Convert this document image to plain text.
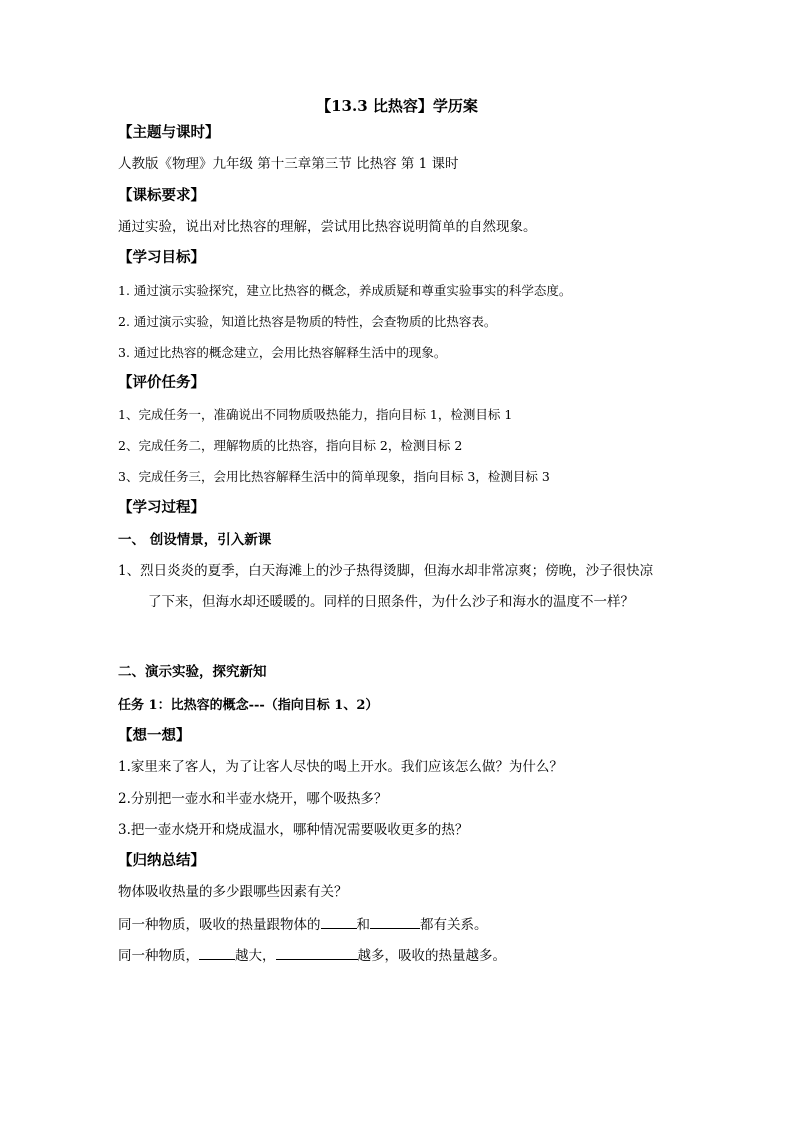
【13.3 比热容】学历案
【主题与课时】
人教版《物理》九年级 第十三章第三节 比热容 第 1 课时
【课标要求】
通过实验，说出对比热容的理解，尝试用比热容说明简单的自然现象。
【学习目标】
1. 通过演示实验探究，建立比热容的概念，养成质疑和尊重实验事实的科学态度。
2. 通过演示实验，知道比热容是物质的特性，会查物质的比热容表。
3. 通过比热容的概念建立，会用比热容解释生活中的现象。
【评价任务】
1、完成任务一，准确说出不同物质吸热能力，指向目标 1，检测目标 1
2、完成任务二，理解物质的比热容，指向目标 2，检测目标 2
3、完成任务三，会用比热容解释生活中的简单现象，指向目标 3，检测目标 3
【学习过程】
一、 创设情景，引入新课
1、烈日炎炎的夏季，白天海滩上的沙子热得烫脚，但海水却非常凉爽；傍晚，沙子很快凉
了下来，但海水却还暖暖的。同样的日照条件，为什么沙子和海水的温度不一样？
二、演示实验，探究新知
任务 1：比热容的概念---（指向目标 1、2）
【想一想】
1.家里来了客人，为了让客人尽快的喝上开水。我们应该怎么做？为什么？
2.分别把一壶水和半壶水烧开，哪个吸热多？
3.把一壶水烧开和烧成温水，哪种情况需要吸收更多的热？
【归纳总结】
物体吸收热量的多少跟哪些因素有关？
同一种物质，吸收的热量跟物体的	和	都有关系。
同一种物质，	越大，	越多，吸收的热量越多。
